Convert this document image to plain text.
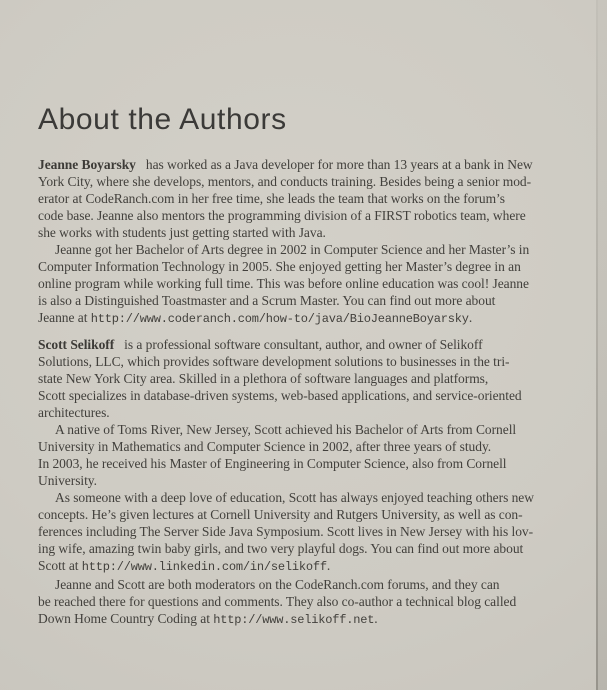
About the Authors
Jeanne Boyarsky has worked as a Java developer for more than 13 years at a bank in New
York City, where she develops, mentors, and conducts training. Besides being a senior mod-
erator at CodeRanch.com in her free time, she leads the team that works on the forum’s
code base. Jeanne also mentors the programming division of a FIRST robotics team, where
she works with students just getting started with Java.
Jeanne got her Bachelor of Arts degree in 2002 in Computer Science and her Master’s in
Computer Information Technology in 2005. She enjoyed getting her Master’s degree in an
online program while working full time. This was before online education was cool! Jeanne
is also a Distinguished Toastmaster and a Scrum Master. You can find out more about
Jeanne at http://www.coderanch.com/how-to/java/BioJeanneBoyarsky.
Scott Selikoff is a professional software consultant, author, and owner of Selikoff
Solutions, LLC, which provides software development solutions to businesses in the tri-
state New York City area. Skilled in a plethora of software languages and platforms,
Scott specializes in database-driven systems, web-based applications, and service-oriented
architectures.
A native of Toms River, New Jersey, Scott achieved his Bachelor of Arts from Cornell
University in Mathematics and Computer Science in 2002, after three years of study.
In 2003, he received his Master of Engineering in Computer Science, also from Cornell
University.
As someone with a deep love of education, Scott has always enjoyed teaching others new
concepts. He’s given lectures at Cornell University and Rutgers University, as well as con-
ferences including The Server Side Java Symposium. Scott lives in New Jersey with his lov-
ing wife, amazing twin baby girls, and two very playful dogs. You can find out more about
Scott at http://www.linkedin.com/in/selikoff.
Jeanne and Scott are both moderators on the CodeRanch.com forums, and they can
be reached there for questions and comments. They also co-author a technical blog called
Down Home Country Coding at http://www.selikoff.net.
